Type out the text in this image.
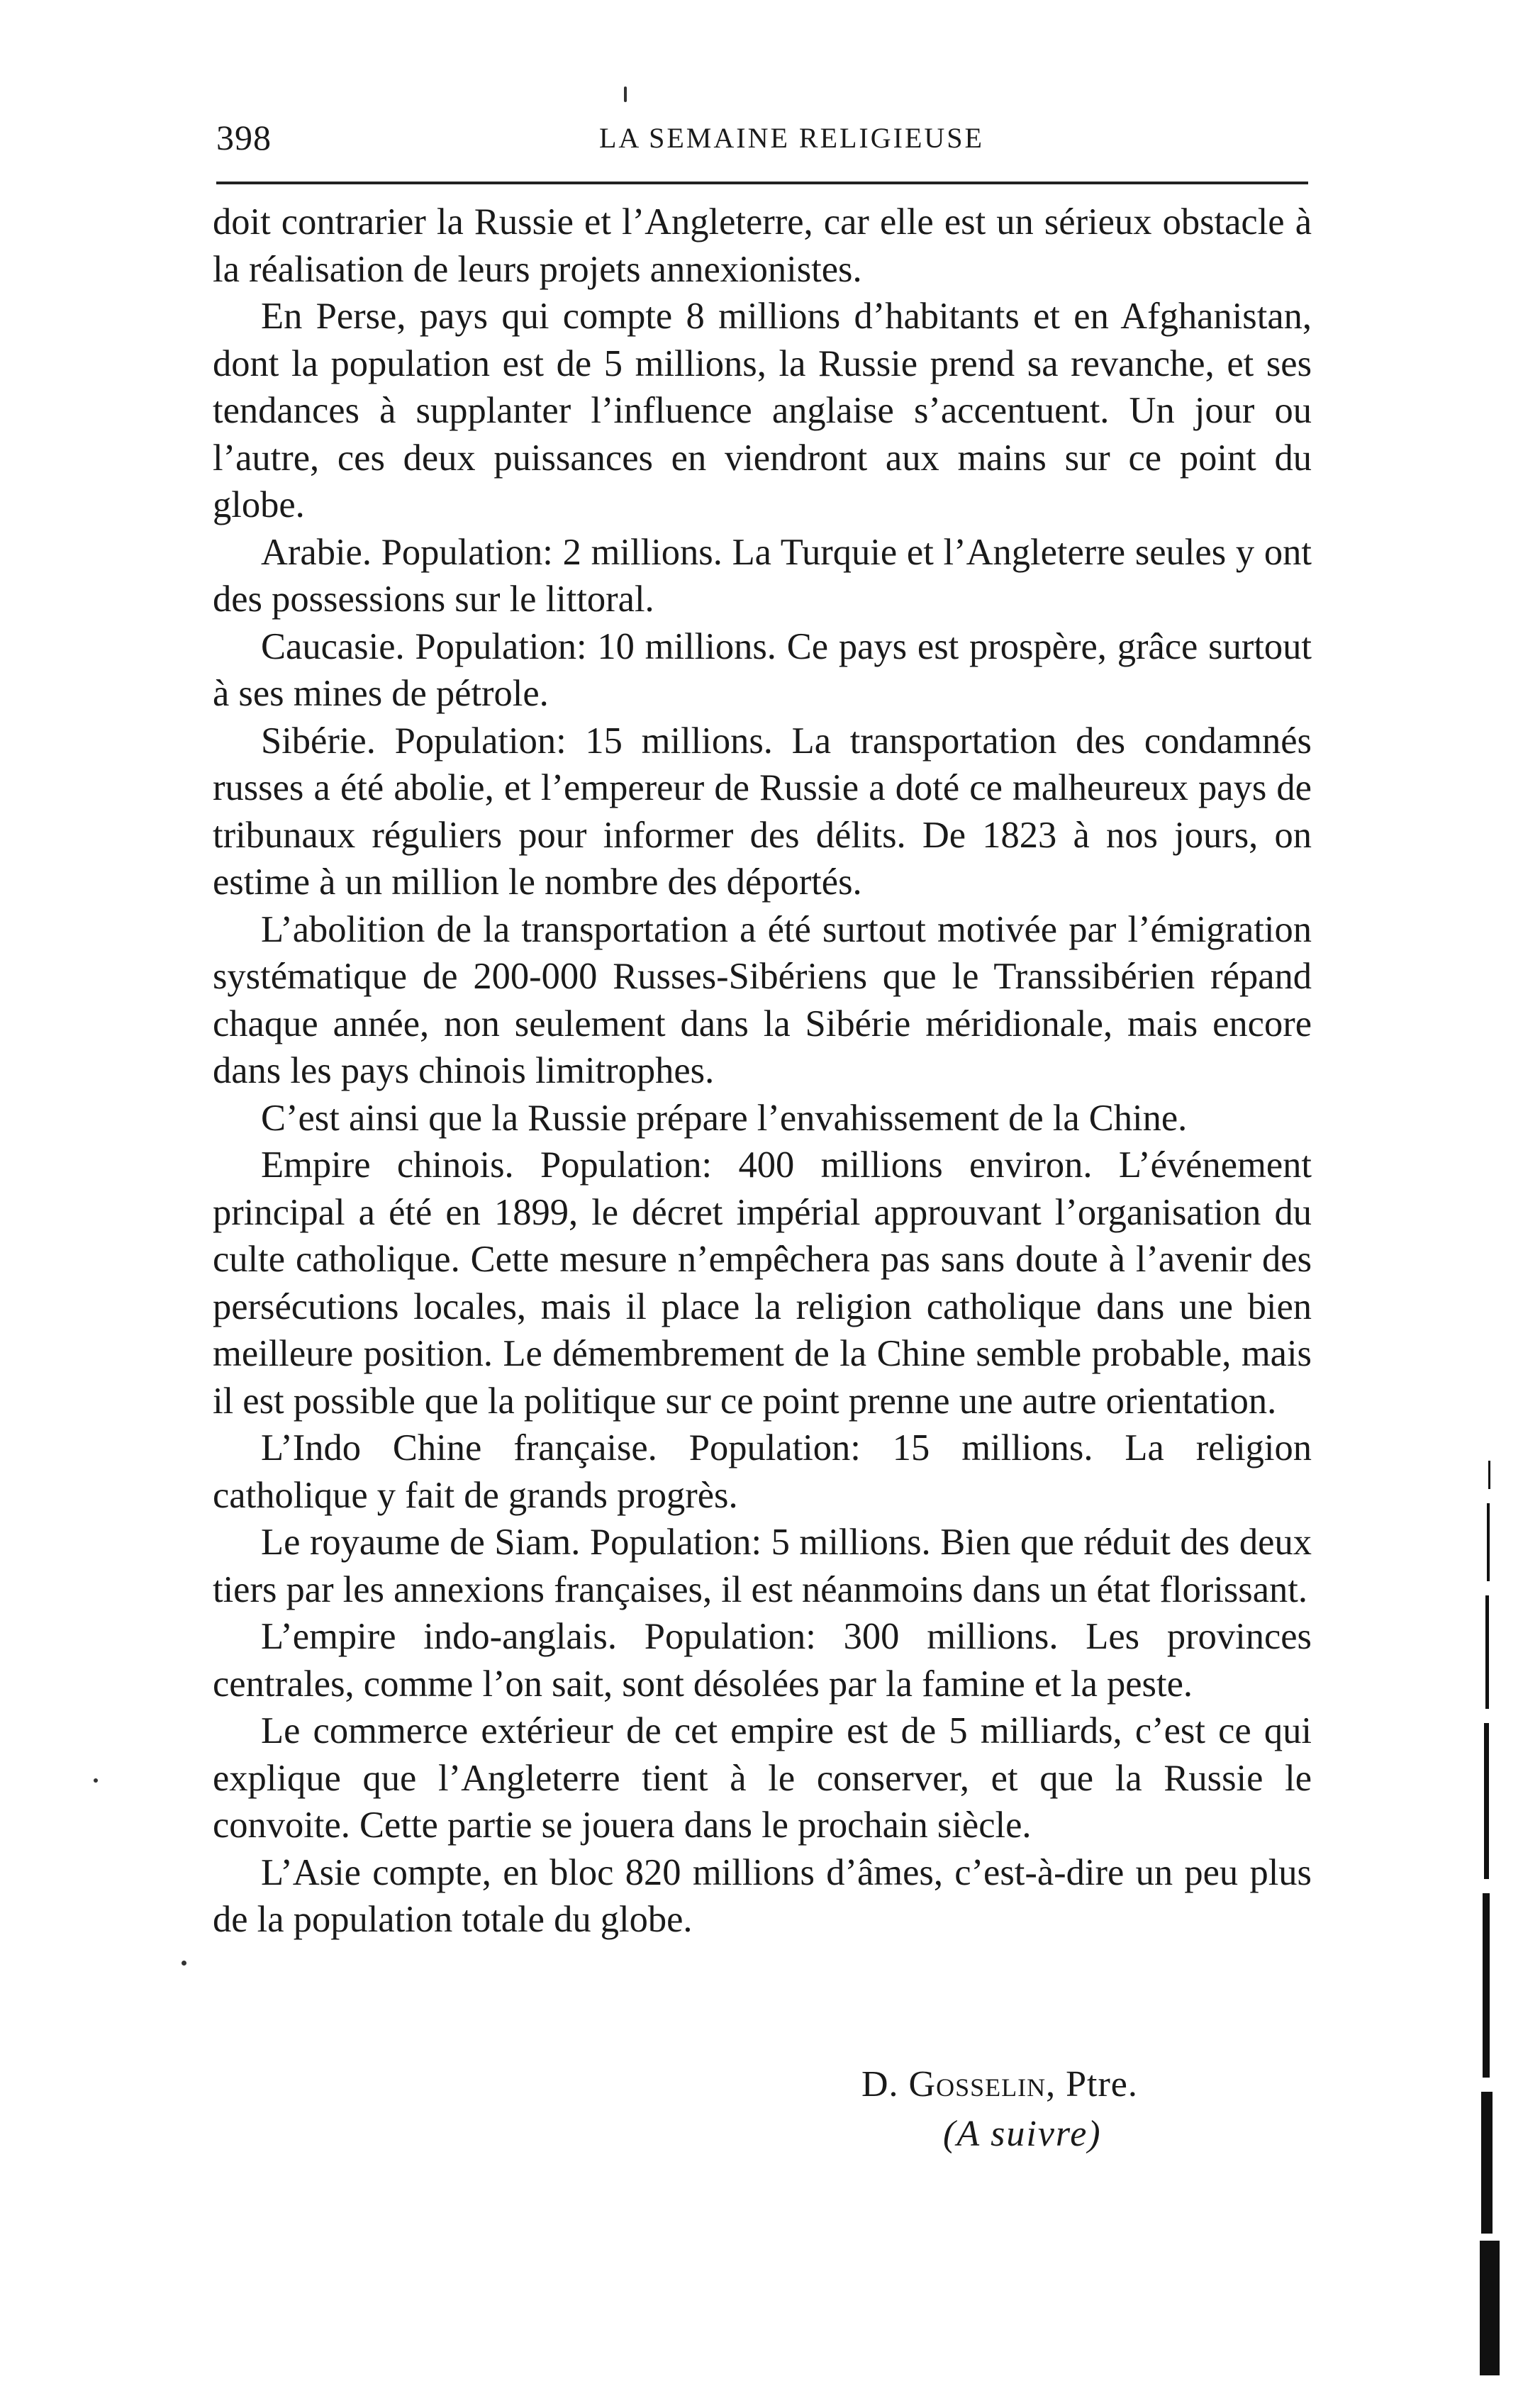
398	LA SEMAINE RELIGIEUSE

doit contrarier la Russie et l’Angleterre, car elle est un sérieux obstacle à la réalisation de leurs projets annexionistes.

En Perse, pays qui compte 8 millions d’habitants et en Afghanistan, dont la population est de 5 millions, la Russie prend sa revanche, et ses tendances à supplanter l’influence anglaise s’accentuent. Un jour ou l’autre, ces deux puissances en viendront aux mains sur ce point du globe.

Arabie. Population: 2 millions. La Turquie et l’Angleterre seules y ont des possessions sur le littoral.

Caucasie. Population: 10 millions. Ce pays est prospère, grâce surtout à ses mines de pétrole.

Sibérie. Population: 15 millions. La transportation des condamnés russes a été abolie, et l’empereur de Russie a doté ce malheureux pays de tribunaux réguliers pour informer des délits. De 1823 à nos jours, on estime à un million le nombre des déportés.

L’abolition de la transportation a été surtout motivée par l’émigration systématique de 200-000 Russes-Sibériens que le Transsibérien répand chaque année, non seulement dans la Sibérie méridionale, mais encore dans les pays chinois limitrophes.

C’est ainsi que la Russie prépare l’envahissement de la Chine.

Empire chinois. Population: 400 millions environ. L’événement principal a été en 1899, le décret impérial approuvant l’organisation du culte catholique. Cette mesure n’empêchera pas sans doute à l’avenir des persécutions locales, mais il place la religion catholique dans une bien meilleure position. Le démembrement de la Chine semble probable, mais il est possible que la politique sur ce point prenne une autre orientation.

L’Indo Chine française. Population: 15 millions. La religion catholique y fait de grands progrès.

Le royaume de Siam. Population: 5 millions. Bien que réduit des deux tiers par les annexions françaises, il est néanmoins dans un état florissant.

L’empire indo-anglais. Population: 300 millions. Les provinces centrales, comme l’on sait, sont désolées par la famine et la peste.

Le commerce extérieur de cet empire est de 5 milliards, c’est ce qui explique que l’Angleterre tient à le conserver, et que la Russie le convoite. Cette partie se jouera dans le prochain siècle.

L’Asie compte, en bloc 820 millions d’âmes, c’est-à-dire un peu plus de la population totale du globe.

D. Gosselin, Ptre.
(A suivre)
